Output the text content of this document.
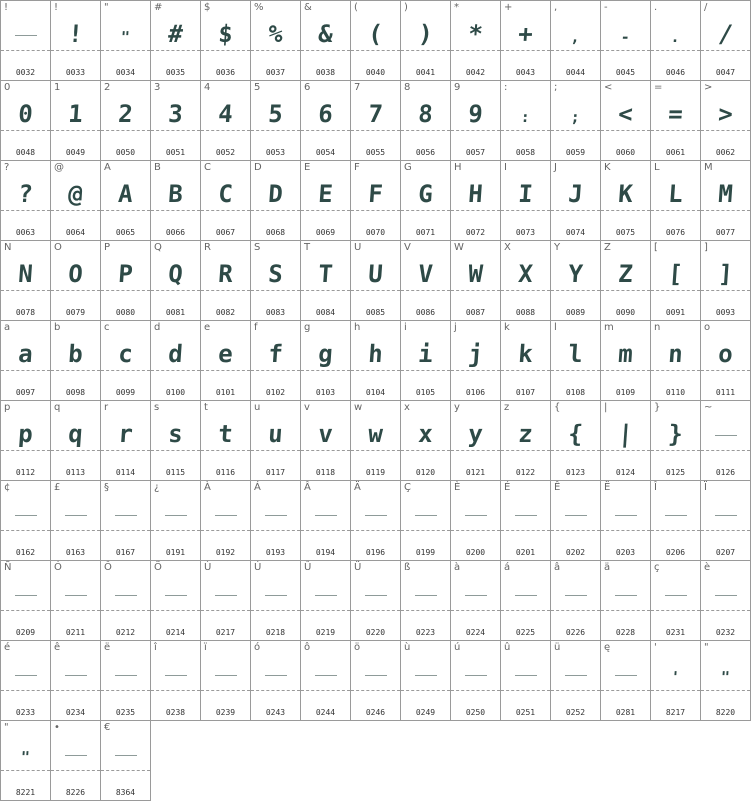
!
0032
!
!
0033
"
"
0034
#
#
0035
$
$
0036
%
%
0037
&
&
0038
(
(
0040
)
)
0041
*
*
0042
+
+
0043
,
,
0044
-
-
0045
.
.
0046
/
/
0047
0
0
0048
1
1
0049
2
2
0050
3
3
0051
4
4
0052
5
5
0053
6
6
0054
7
7
0055
8
8
0056
9
9
0057
:
:
0058
;
;
0059
<
<
0060
=
=
0061
>
>
0062
?
?
0063
@
@
0064
A
A
0065
B
B
0066
C
C
0067
D
D
0068
E
E
0069
F
F
0070
G
G
0071
H
H
0072
I
I
0073
J
J
0074
K
K
0075
L
L
0076
M
M
0077
N
N
0078
O
O
0079
P
P
0080
Q
Q
0081
R
R
0082
S
S
0083
T
T
0084
U
U
0085
V
V
0086
W
W
0087
X
X
0088
Y
Y
0089
Z
Z
0090
[
[
0091
]
]
0093
a
a
0097
b
b
0098
c
c
0099
d
d
0100
e
e
0101
f
f
0102
g
g
0103
h
h
0104
i
i
0105
j
j
0106
k
k
0107
l
l
0108
m
m
0109
n
n
0110
o
o
0111
p
p
0112
q
q
0113
r
r
0114
s
s
0115
t
t
0116
u
u
0117
v
v
0118
w
w
0119
x
x
0120
y
y
0121
z
z
0122
{
{
0123
|
|
0124
}
}
0125
~
0126
¢
0162
£
0163
§
0167
¿
0191
À
0192
Á
0193
Â
0194
Ä
0196
Ç
0199
È
0200
É
0201
Ê
0202
Ë
0203
Î
0206
Ï
0207
Ñ
0209
Ó
0211
Ô
0212
Ö
0214
Ù
0217
Ú
0218
Û
0219
Ü
0220
ß
0223
à
0224
á
0225
â
0226
ä
0228
ç
0231
è
0232
é
0233
ê
0234
ë
0235
î
0238
ï
0239
ó
0243
ô
0244
ö
0246
ù
0249
ú
0250
û
0251
ü
0252
ę
0281
'
'
8217
"
"
8220
"
"
8221
•
8226
€
8364
